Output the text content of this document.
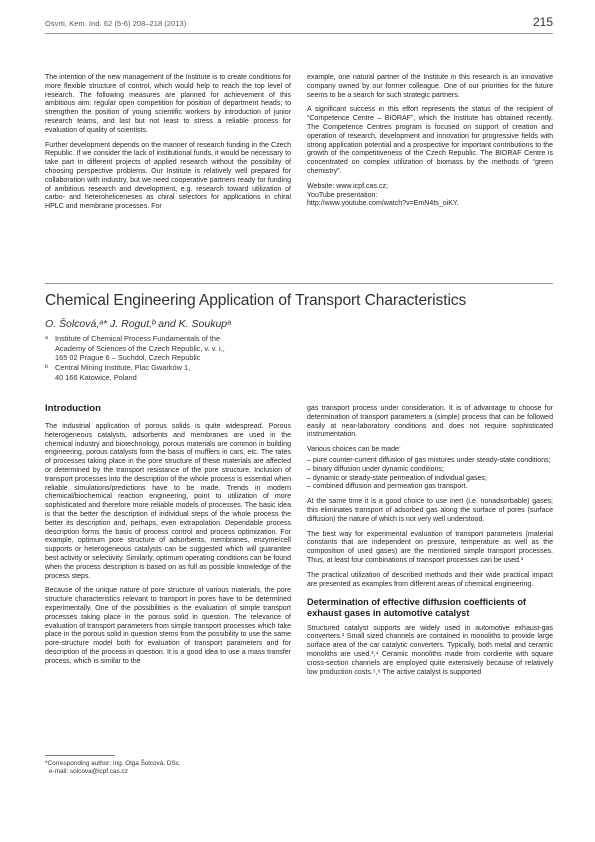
Osvrti, Kem. Ind. 62 (5-6) 208–218 (2013)	215

The intention of the new management of the Institute is to create conditions for more flexible structure of control, which would help to reach the top level of research. The following measures are planned for achievement of this ambitious aim: regular open competition for position of department heads; to strengthen the position of young scientific workers by introduction of junior research teams, and last but not least to stress a reliable process for evaluation of quality of scientists.

Further development depends on the manner of research funding in the Czech Republic. If we consider the lack of institutional funds, it would be necessary to take part in different projects of applied research without the possibility of choosing perspective problems. Our Institute is relatively well prepared for collaboration with industry, but we need cooperative partners ready for funding of ambitious research and development, e.g. research toward utilization of carbo- and heteroheliceneses as chiral selectors for applications in chiral HPLC and membrane processes. For

example, one natural partner of the Institute in this research is an innovative company owned by our former colleague. One of our priorities for the future seems to be a search for such strategic partners.

A significant success in this effort represents the status of the recipient of “Competence Centre – BIORAF”, which the Institute has obtained recently. The Competence Centres program is focused on support of creation and operation of research, development and innovation for progressive fields with strong application potential and a prospective for important contributions to the growth of the competitiveness of the Czech Republic. The BIORAF Centre is concentrated on complex utilization of biomass by the methods of “green chemistry”.

Website: www.icpf.cas.cz;

YouTube presentation:

http://www.youtube.com/watch?v=EmN4ts_oiKY.

Chemical Engineering Application of Transport Characteristics
O. Šolcová,ᵃ* J. Rogut,ᵇ and K. Soukupᵃ
a Institute of Chemical Process Fundamentals of the
Academy of Sciences of the Czech Republic, v. v. i.,
165 02 Prague 6 – Suchdol, Czech Republic
b Central Mining Institute, Plac Gwarków 1,
40 166 Katowice, Poland
Introduction

The industrial application of porous solids is quite widespread. Porous heterogeneous catalysts, adsorbents and membranes are used in the chemical industry and biotechnology, porous materials are common in building engineering, porous catalysts form the basis of mufflers in cars, etc. The rates of processes taking place in the pore structure of these materials are affected or determined by the transport resistance of the pore structure. Inclusion of transport processes into the description of the whole process is essential when reliable simulations/predictions have to be made. Trends in modern chemical/biochemical reaction engineering, point to utilization of more sophisticated and therefore more reliable models of processes. The basic idea is that the better the description of individual steps of the whole process the better its description and, perhaps, even extrapolation. Dependable process description forms the basis of process control and process optimization. For example, optimum pore structure of adsorbents, membranes, enzyme/cell supports or heterogeneous catalysts can be suggested which will guarantee best activity or selectivity. Similarly, optimum operating conditions can be found when the process description is based on as full as possible knowledge of the process steps.

Because of the unique nature of pore structure of various materials, the pore structure characteristics relevant to transport in pores have to be determined experimentally. One of the possibilities is the evaluation of simple transport processes taking place in the porous solid in question. The relevance of evaluation of transport parameters from simple transport processes which take place in the porous solid in question stems from the possibility to use the same pore-structure model both for evaluation of transport parameters and for description of the process in question. It is a good idea to use a mass transfer process, which is similar to the

gas transport process under consideration. It is of advantage to choose for determination of transport parameters a (simple) process that can be followed easily at near-laboratory conditions and does not require sophisticated instrumentation.

Various choices can be made:

– pure counter-current diffusion of gas mixtures under steady-state conditions;
– binary diffusion under dynamic conditions;
– dynamic or steady-state permeation of individual gases;
– combined diffusion and permeation gas transport.

At the same time it is a good choice to use inert (i.e. nonadsorbable) gases; this eliminates transport of adsorbed gas along the surface of pores (surface diffusion) the nature of which is not very well understood.

The best way for experimental evaluation of transport parameters (material constants that are independent on pressure, temperature as well as the composition of used gases) are the mentioned simple transport processes. Thus, at least four combinations of transport processes can be used.¹

The practical utilization of described methods and their wide practical impact are presented as examples from different areas of chemical engineering.

Determination of effective diffusion coefficients of exhaust gases in automotive catalyst

Structured catalyst supports are widely used in automotive exhaust-gas converters.² Small sized channels are contained in monoliths to provide large surface area of the car catalytic converters. Typically, both metal and ceramic monoliths are used.³,⁴ Ceramic monoliths made from cordierite with square cross-section channels are employed quite extensively because of relatively low production costs.⁵,⁶ The active catalyst is supported

*Corresponding author: Ing. Olga Šolcová, DSc.
e-mail: solcova@icpf.cas.cz
